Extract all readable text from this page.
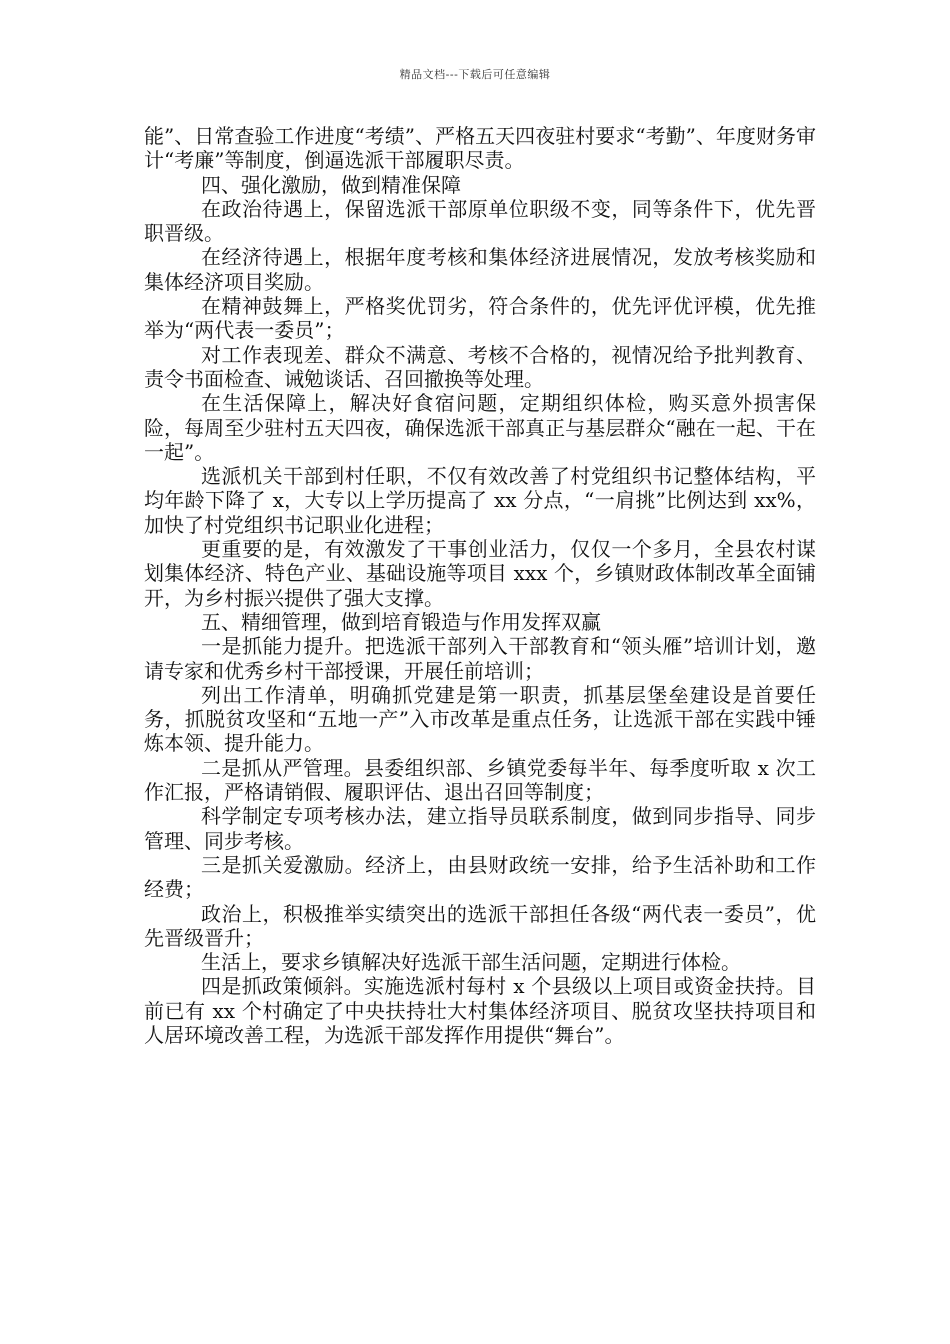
精品文档---下载后可任意编辑

能”、日常查验工作进度“考绩”、严格五天四夜驻村要求“考勤”、年度财务审计“考廉”等制度，倒逼选派干部履职尽责。

四、强化激励，做到精准保障

在政治待遇上，保留选派干部原单位职级不变，同等条件下，优先晋职晋级。

在经济待遇上，根据年度考核和集体经济进展情况，发放考核奖励和集体经济项目奖励。

在精神鼓舞上，严格奖优罚劣，符合条件的，优先评优评模，优先推举为“两代表一委员”；

对工作表现差、群众不满意、考核不合格的，视情况给予批判教育、责令书面检查、诫勉谈话、召回撤换等处理。

在生活保障上，解决好食宿问题，定期组织体检，购买意外损害保险，每周至少驻村五天四夜，确保选派干部真正与基层群众“融在一起、干在一起”。

选派机关干部到村任职，不仅有效改善了村党组织书记整体结构，平均年龄下降了 x，大专以上学历提高了 xx 分点，“一肩挑”比例达到 xx%，加快了村党组织书记职业化进程；

更重要的是，有效激发了干事创业活力，仅仅一个多月，全县农村谋划集体经济、特色产业、基础设施等项目 xxx 个，乡镇财政体制改革全面铺开，为乡村振兴提供了强大支撑。

五、精细管理，做到培育锻造与作用发挥双赢

一是抓能力提升。把选派干部列入干部教育和“领头雁”培训计划，邀请专家和优秀乡村干部授课，开展任前培训；

列出工作清单，明确抓党建是第一职责，抓基层堡垒建设是首要任务，抓脱贫攻坚和“五地一产”入市改革是重点任务，让选派干部在实践中锤炼本领、提升能力。

二是抓从严管理。县委组织部、乡镇党委每半年、每季度听取 x 次工作汇报，严格请销假、履职评估、退出召回等制度；

科学制定专项考核办法，建立指导员联系制度，做到同步指导、同步管理、同步考核。

三是抓关爱激励。经济上，由县财政统一安排，给予生活补助和工作经费；

政治上，积极推举实绩突出的选派干部担任各级“两代表一委员”，优先晋级晋升；

生活上，要求乡镇解决好选派干部生活问题，定期进行体检。

四是抓政策倾斜。实施选派村每村 x 个县级以上项目或资金扶持。目前已有 xx 个村确定了中央扶持壮大村集体经济项目、脱贫攻坚扶持项目和人居环境改善工程，为选派干部发挥作用提供“舞台”。
